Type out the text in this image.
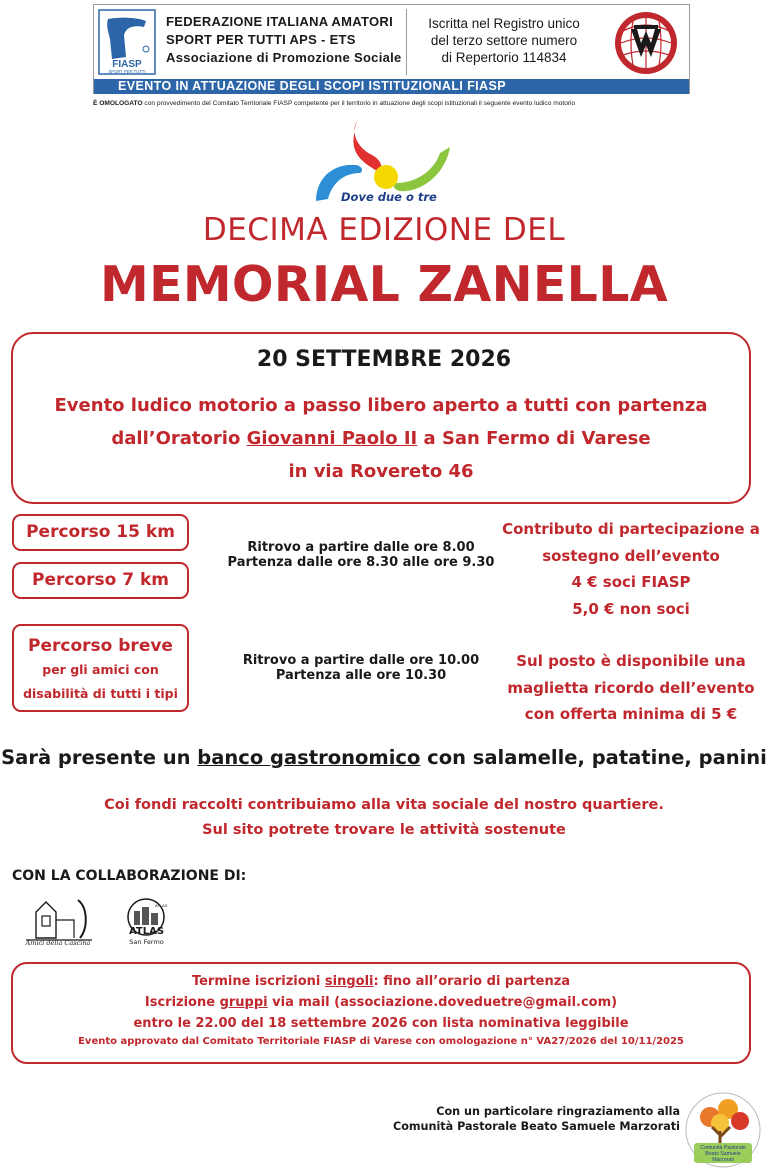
FIASP
SPORT PER TUTTI
FEDERAZIONE ITALIANA AMATORI
SPORT PER TUTTI APS - ETS
Associazione di Promozione Sociale
Iscritta nel Registro unico
del terzo settore numero
di Repertorio 114834
EVENTO IN ATTUAZIONE DEGLI SCOPI ISTITUZIONALI FIASP
È OMOLOGATO con provvedimento del Comitato Territoriale FIASP competente per il territorio in attuazione degli scopi istituzionali il seguente evento ludico motorio
Dove due o tre
DECIMA EDIZIONE DEL
MEMORIAL ZANELLA
20 SETTEMBRE 2026
Evento ludico motorio a passo libero aperto a tutti con partenza
dall’Oratorio Giovanni Paolo II a San Fermo di Varese
in via Rovereto 46
Percorso 15 km
Percorso 7 km
Percorso breve
per gli amici con
disabilità di tutti i tipi
Ritrovo a partire dalle ore 8.00
Partenza dalle ore 8.30 alle ore 9.30
Ritrovo a partire dalle ore 10.00
Partenza alle ore 10.30
Contributo di partecipazione a
sostegno dell’evento
4 € soci FIASP
5,0 € non soci
Sul posto è disponibile una
maglietta ricordo dell’evento
con offerta minima di 5 €
Sarà presente un banco gastronomico con salamelle, patatine, panini
Coi fondi raccolti contribuiamo alla vita sociale del nostro quartiere.
Sul sito potrete trovare le attività sostenute
CON LA COLLABORAZIONE DI:
Amici della Cascina
ATLAS
ATLAS
San Fermo
Termine iscrizioni singoli: fino all’orario di partenza
Iscrizione gruppi via mail (associazione.doveduetre@gmail.com)
entro le 22.00 del 18 settembre 2026 con lista nominativa leggibile
Evento approvato dal Comitato Territoriale FIASP di Varese con omologazione n° VA27/2026 del 10/11/2025
Con un particolare ringraziamento alla
Comunità Pastorale Beato Samuele Marzorati
Comunità Pastorale
Beato Samuele
Marzorati
